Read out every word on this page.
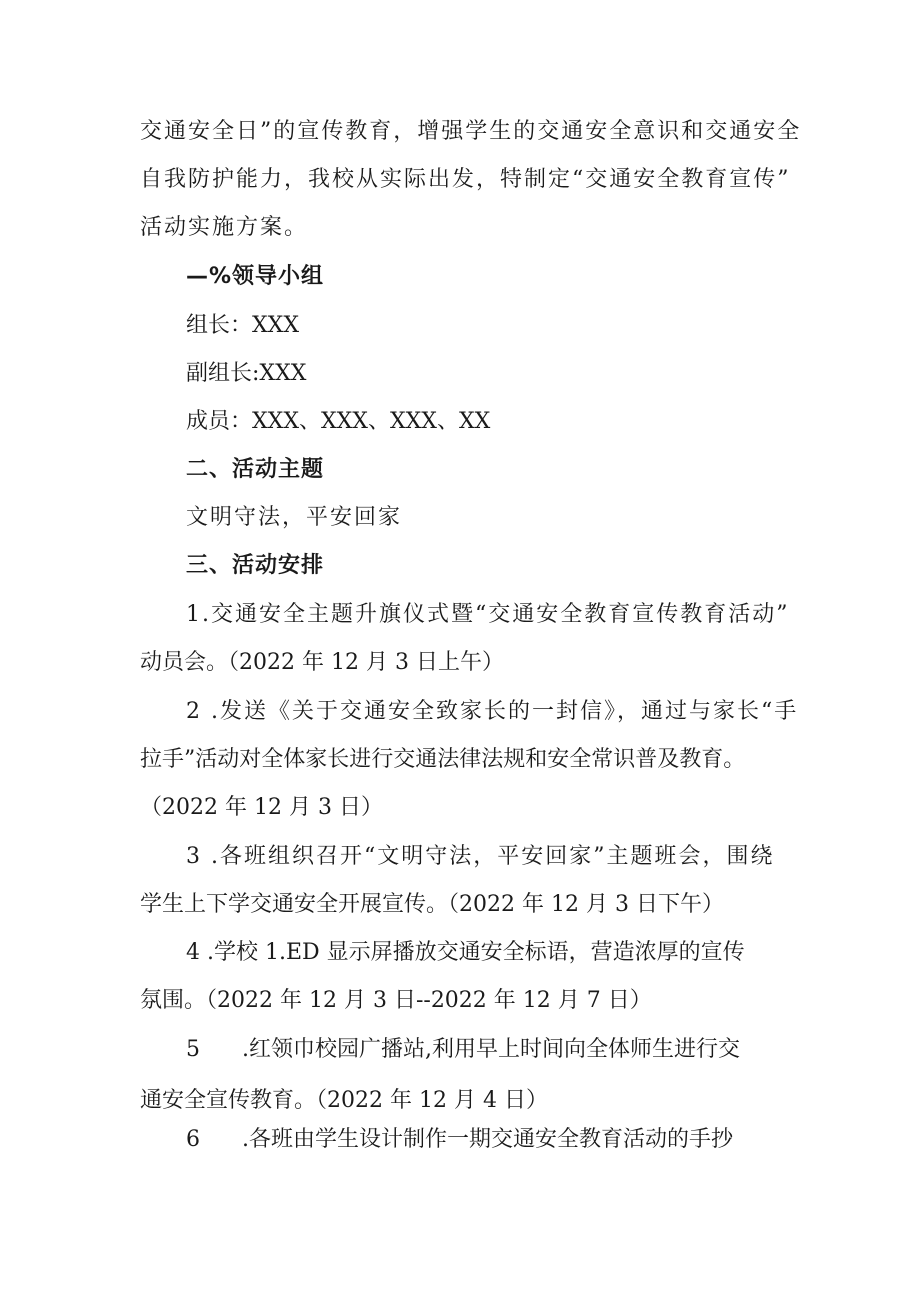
交通安全日”的宣传教育，增强学生的交通安全意识和交通安全

自我防护能力，我校从实际出发，特制定“交通安全教育宣传”

活动实施方案。

—%领导小组

组长：XXX

副组长:XXX

成员：XXX、XXX、XXX、XX

二、活动主题

文明守法，平安回家

三、活动安排

1.交通安全主题升旗仪式暨“交通安全教育宣传教育活动”

动员会。（2022 年 12 月 3 日上午）

2 .发送《关于交通安全致家长的一封信》，通过与家长“手

拉手”活动对全体家长进行交通法律法规和安全常识普及教育。

（2022 年 12 月 3 日）

3 .各班组织召开“文明守法，平安回家”主题班会，围绕

学生上下学交通安全开展宣传。（2022 年 12 月 3 日下午）

4 .学校 1.ED 显示屏播放交通安全标语，营造浓厚的宣传

氛围。（2022 年 12 月 3 日--2022 年 12 月 7 日）

5      .红领巾校园广播站,利用早上时间向全体师生进行交

通安全宣传教育。（2022 年 12 月 4 日）

6      .各班由学生设计制作一期交通安全教育活动的手抄
